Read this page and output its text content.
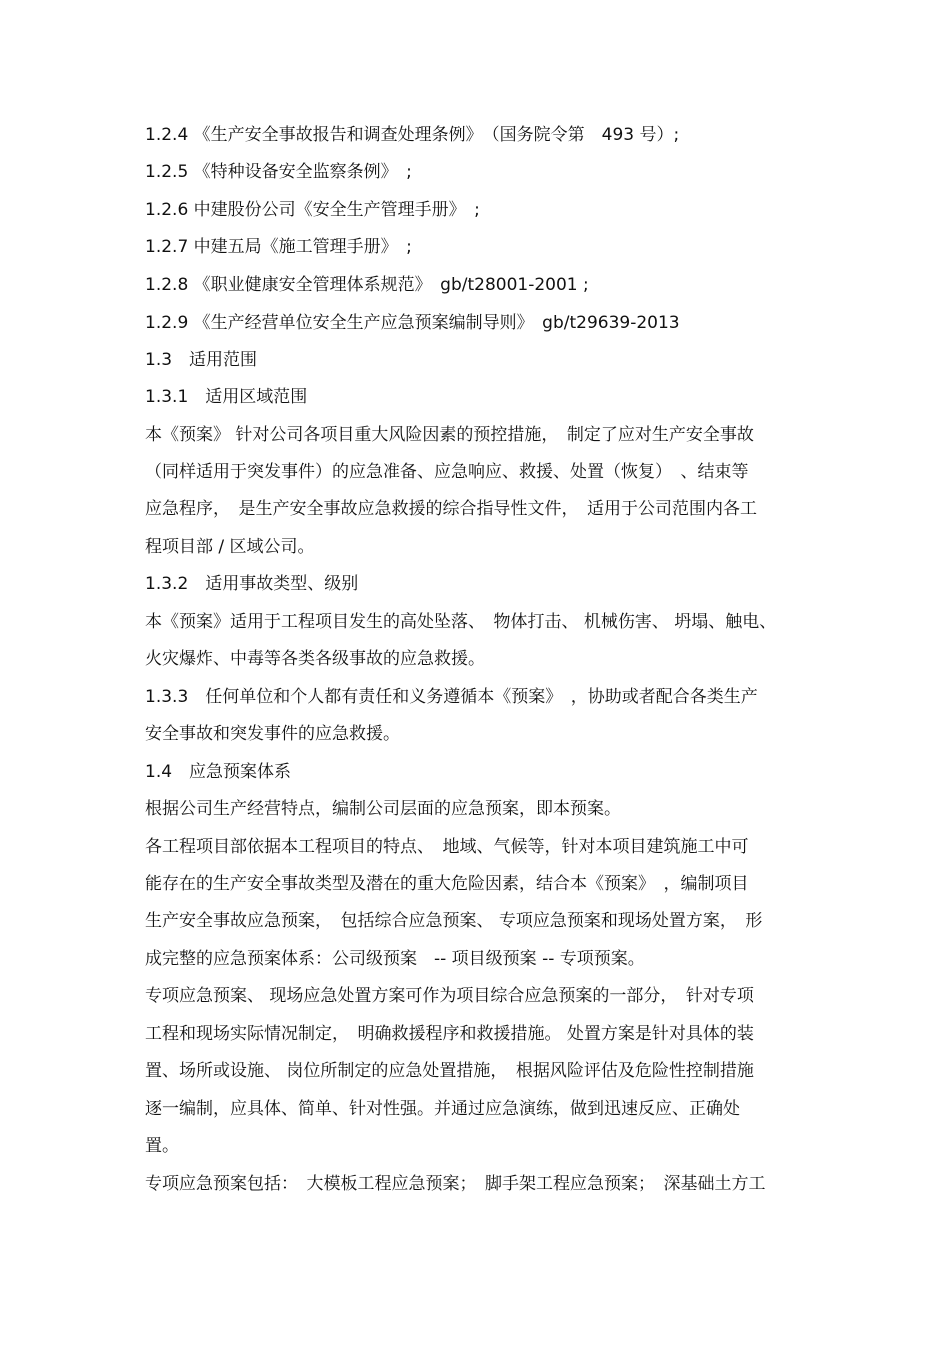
1.2.4 《生产安全事故报告和调查处理条例》　（国务院令第　493 号）;
1.2.5 《特种设备安全监察条例》　;
1.2.6 中建股份公司《安全生产管理手册》　;
1.2.7 中建五局《施工管理手册》　;
1.2.8 《职业健康安全管理体系规范》　gb/t28001-2001 ;
1.2.9 《生产经营单位安全生产应急预案编制导则》　gb/t29639-2013
1.3　适用范围
1.3.1　适用区域范围
本《预案》 针对公司各项目重大风险因素的预控措施，　制定了应对生产安全事故
（同样适用于突发事件）的应急准备、应急响应、救援、处置（恢复）　、结束等
应急程序，　是生产安全事故应急救援的综合指导性文件，　适用于公司范围内各工
程项目部 / 区域公司。
1.3.2　适用事故类型、级别
本《预案》适用于工程项目发生的高处坠落、　物体打击、 机械伤害、 坍塌、触电、
火灾爆炸、中毒等各类各级事故的应急救援。
1.3.3　任何单位和个人都有责任和义务遵循本《预案》　，协助或者配合各类生产
安全事故和突发事件的应急救援。
1.4　应急预案体系
根据公司生产经营特点，编制公司层面的应急预案，即本预案。
各工程项目部依据本工程项目的特点、　地域、气候等，针对本项目建筑施工中可
能存在的生产安全事故类型及潜在的重大危险因素，结合本《预案》　，编制项目
生产安全事故应急预案，　包括综合应急预案、 专项应急预案和现场处置方案，　形
成完整的应急预案体系：公司级预案　-- 项目级预案 -- 专项预案。
专项应急预案、 现场应急处置方案可作为项目综合应急预案的一部分，　针对专项
工程和现场实际情况制定，　明确救援程序和救援措施。 处置方案是针对具体的装
置、场所或设施、 岗位所制定的应急处置措施，　根据风险评估及危险性控制措施
逐一编制，应具体、简单、针对性强。并通过应急演练，做到迅速反应、正确处
置。
专项应急预案包括：　大模板工程应急预案；　脚手架工程应急预案；　深基础土方工
